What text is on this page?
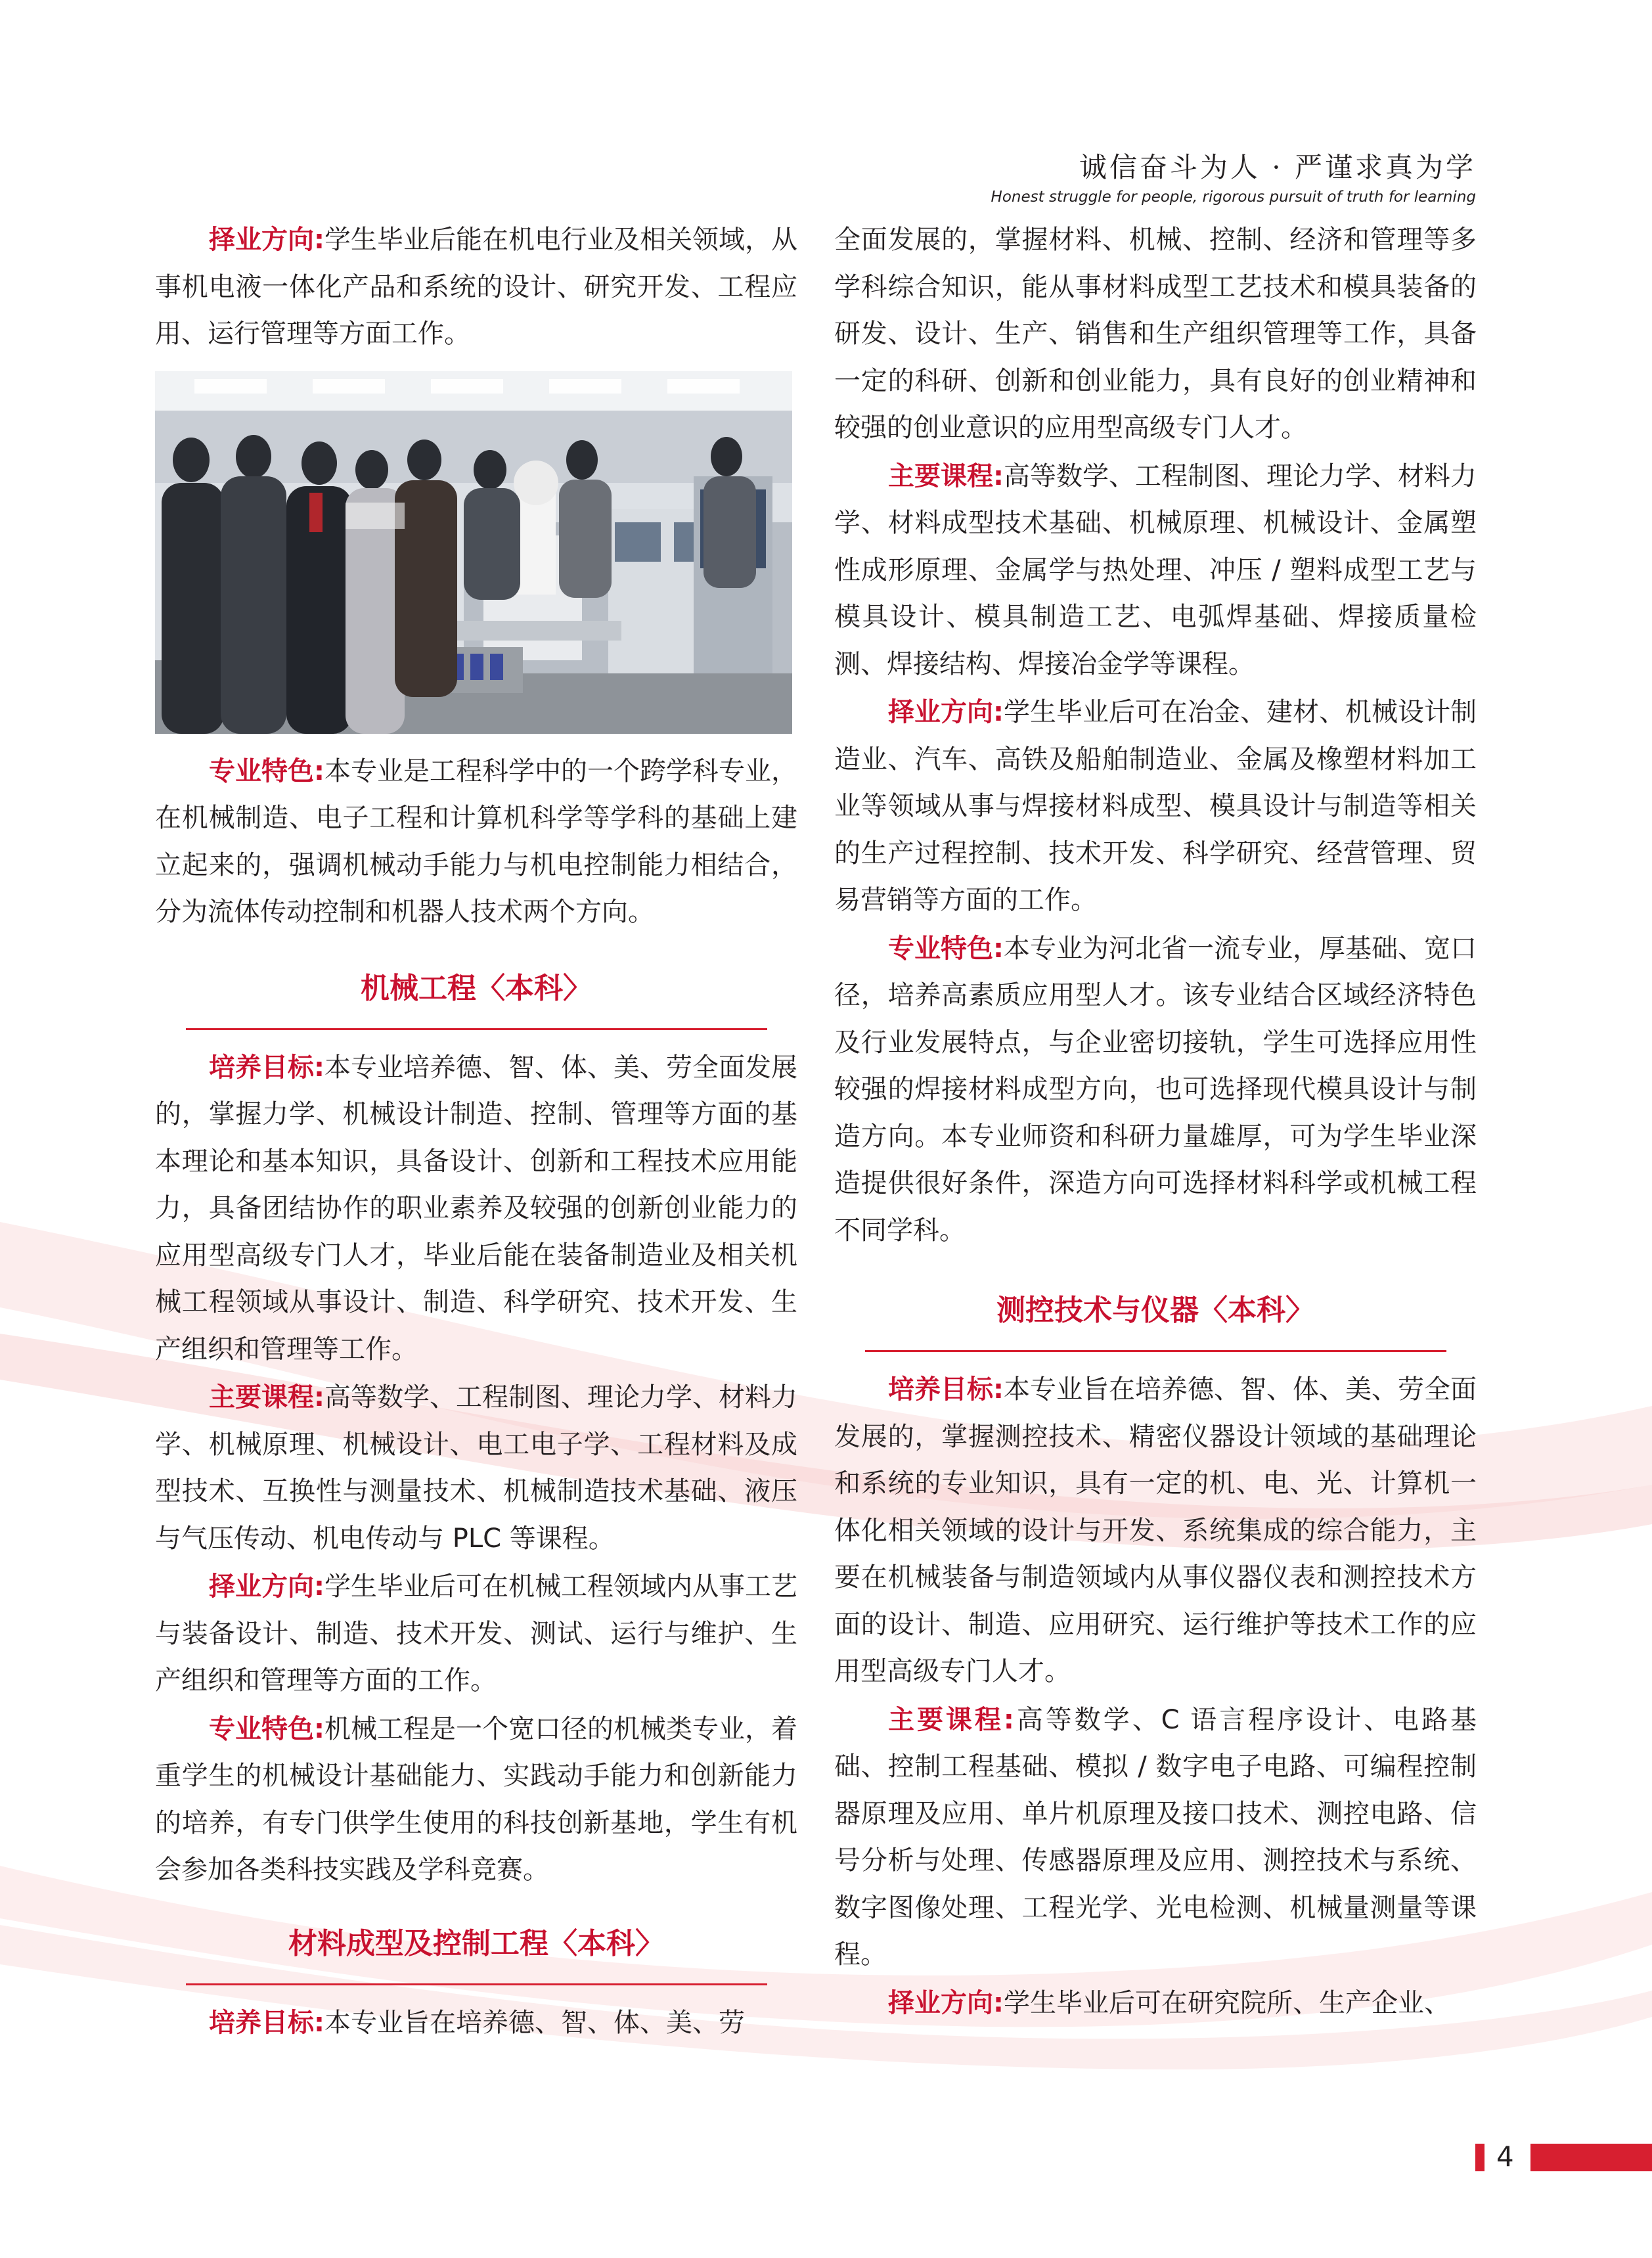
诚信奋斗为人 · 严谨求真为学
Honest struggle for people, rigorous pursuit of truth for learning

择业方向:学生毕业后能在机电行业及相关领域，从事机电液一体化产品和系统的设计、研究开发、工程应用、运行管理等方面工作。

专业特色:本专业是工程科学中的一个跨学科专业，在机械制造、电子工程和计算机科学等学科的基础上建立起来的，强调机械动手能力与机电控制能力相结合，分为流体传动控制和机器人技术两个方向。

机械工程〈本科〉

培养目标:本专业培养德、智、体、美、劳全面发展的，掌握力学、机械设计制造、控制、管理等方面的基本理论和基本知识，具备设计、创新和工程技术应用能力，具备团结协作的职业素养及较强的创新创业能力的应用型高级专门人才，毕业后能在装备制造业及相关机械工程领域从事设计、制造、科学研究、技术开发、生产组织和管理等工作。

主要课程:高等数学、工程制图、理论力学、材料力学、机械原理、机械设计、电工电子学、工程材料及成型技术、互换性与测量技术、机械制造技术基础、液压与气压传动、机电传动与 PLC 等课程。

择业方向:学生毕业后可在机械工程领域内从事工艺与装备设计、制造、技术开发、测试、运行与维护、生产组织和管理等方面的工作。

专业特色:机械工程是一个宽口径的机械类专业，着重学生的机械设计基础能力、实践动手能力和创新能力的培养，有专门供学生使用的科技创新基地，学生有机会参加各类科技实践及学科竞赛。

材料成型及控制工程〈本科〉

培养目标:本专业旨在培养德、智、体、美、劳

全面发展的，掌握材料、机械、控制、经济和管理等多学科综合知识，能从事材料成型工艺技术和模具装备的研发、设计、生产、销售和生产组织管理等工作，具备一定的科研、创新和创业能力，具有良好的创业精神和较强的创业意识的应用型高级专门人才。

主要课程:高等数学、工程制图、理论力学、材料力学、材料成型技术基础、机械原理、机械设计、金属塑性成形原理、金属学与热处理、冲压 / 塑料成型工艺与模具设计、模具制造工艺、电弧焊基础、焊接质量检测、焊接结构、焊接冶金学等课程。

择业方向:学生毕业后可在冶金、建材、机械设计制造业、汽车、高铁及船舶制造业、金属及橡塑材料加工业等领域从事与焊接材料成型、模具设计与制造等相关的生产过程控制、技术开发、科学研究、经营管理、贸易营销等方面的工作。

专业特色:本专业为河北省一流专业，厚基础、宽口径，培养高素质应用型人才。该专业结合区域经济特色及行业发展特点，与企业密切接轨，学生可选择应用性较强的焊接材料成型方向，也可选择现代模具设计与制造方向。本专业师资和科研力量雄厚，可为学生毕业深造提供很好条件，深造方向可选择材料科学或机械工程不同学科。

测控技术与仪器〈本科〉

培养目标:本专业旨在培养德、智、体、美、劳全面发展的，掌握测控技术、精密仪器设计领域的基础理论和系统的专业知识，具有一定的机、电、光、计算机一体化相关领域的设计与开发、系统集成的综合能力，主要在机械装备与制造领域内从事仪器仪表和测控技术方面的设计、制造、应用研究、运行维护等技术工作的应用型高级专门人才。

主要课程:高等数学、C 语言程序设计、电路基础、控制工程基础、模拟 / 数字电子电路、可编程控制器原理及应用、单片机原理及接口技术、测控电路、信号分析与处理、传感器原理及应用、测控技术与系统、数字图像处理、工程光学、光电检测、机械量测量等课程。

择业方向:学生毕业后可在研究院所、生产企业、

4
